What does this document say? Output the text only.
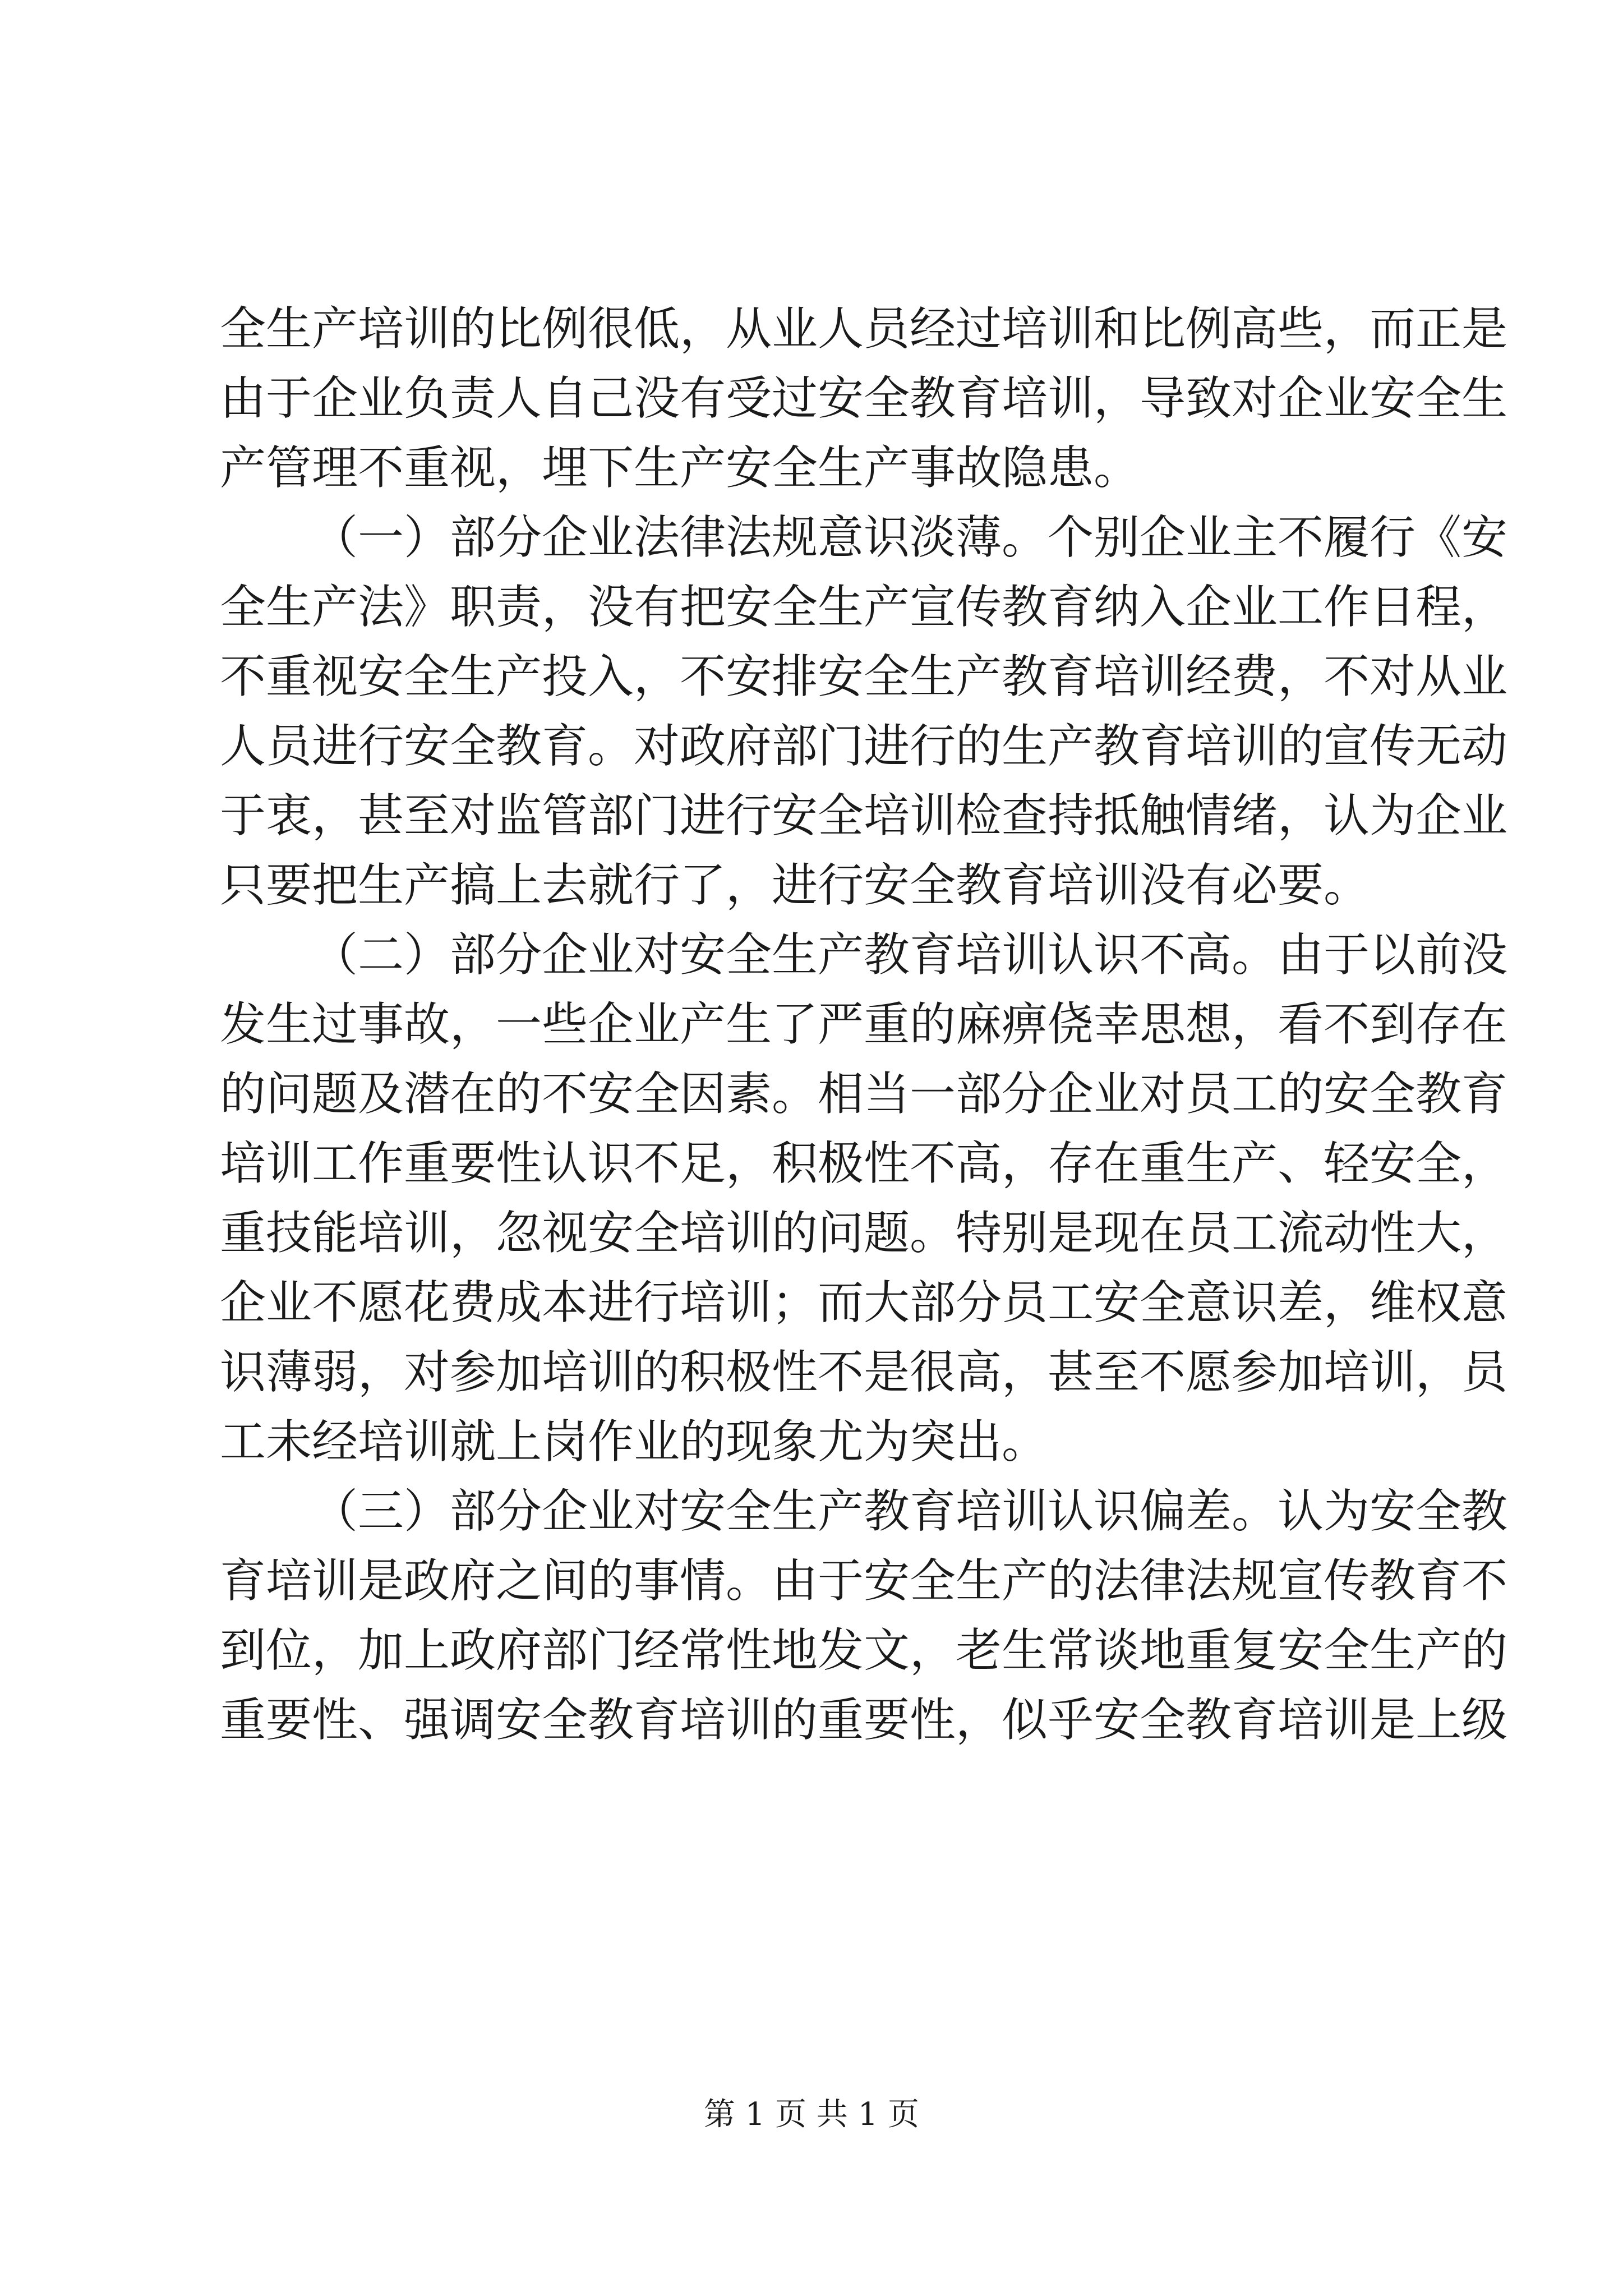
全生产培训的比例很低，从业人员经过培训和比例高些，而正是
由于企业负责人自己没有受过安全教育培训，导致对企业安全生
产管理不重视，埋下生产安全生产事故隐患。
（一）部分企业法律法规意识淡薄。个别企业主不履行《安
全生产法》职责，没有把安全生产宣传教育纳入企业工作日程，
不重视安全生产投入，不安排安全生产教育培训经费，不对从业
人员进行安全教育。对政府部门进行的生产教育培训的宣传无动
于衷，甚至对监管部门进行安全培训检查持抵触情绪，认为企业
只要把生产搞上去就行了，进行安全教育培训没有必要。
（二）部分企业对安全生产教育培训认识不高。由于以前没
发生过事故，一些企业产生了严重的麻痹侥幸思想，看不到存在
的问题及潜在的不安全因素。相当一部分企业对员工的安全教育
培训工作重要性认识不足，积极性不高，存在重生产、轻安全，
重技能培训，忽视安全培训的问题。特别是现在员工流动性大，
企业不愿花费成本进行培训；而大部分员工安全意识差，维权意
识薄弱，对参加培训的积极性不是很高，甚至不愿参加培训，员
工未经培训就上岗作业的现象尤为突出。
（三）部分企业对安全生产教育培训认识偏差。认为安全教
育培训是政府之间的事情。由于安全生产的法律法规宣传教育不
到位，加上政府部门经常性地发文，老生常谈地重复安全生产的
重要性、强调安全教育培训的重要性，似乎安全教育培训是上级
第 1 页 共 1 页
